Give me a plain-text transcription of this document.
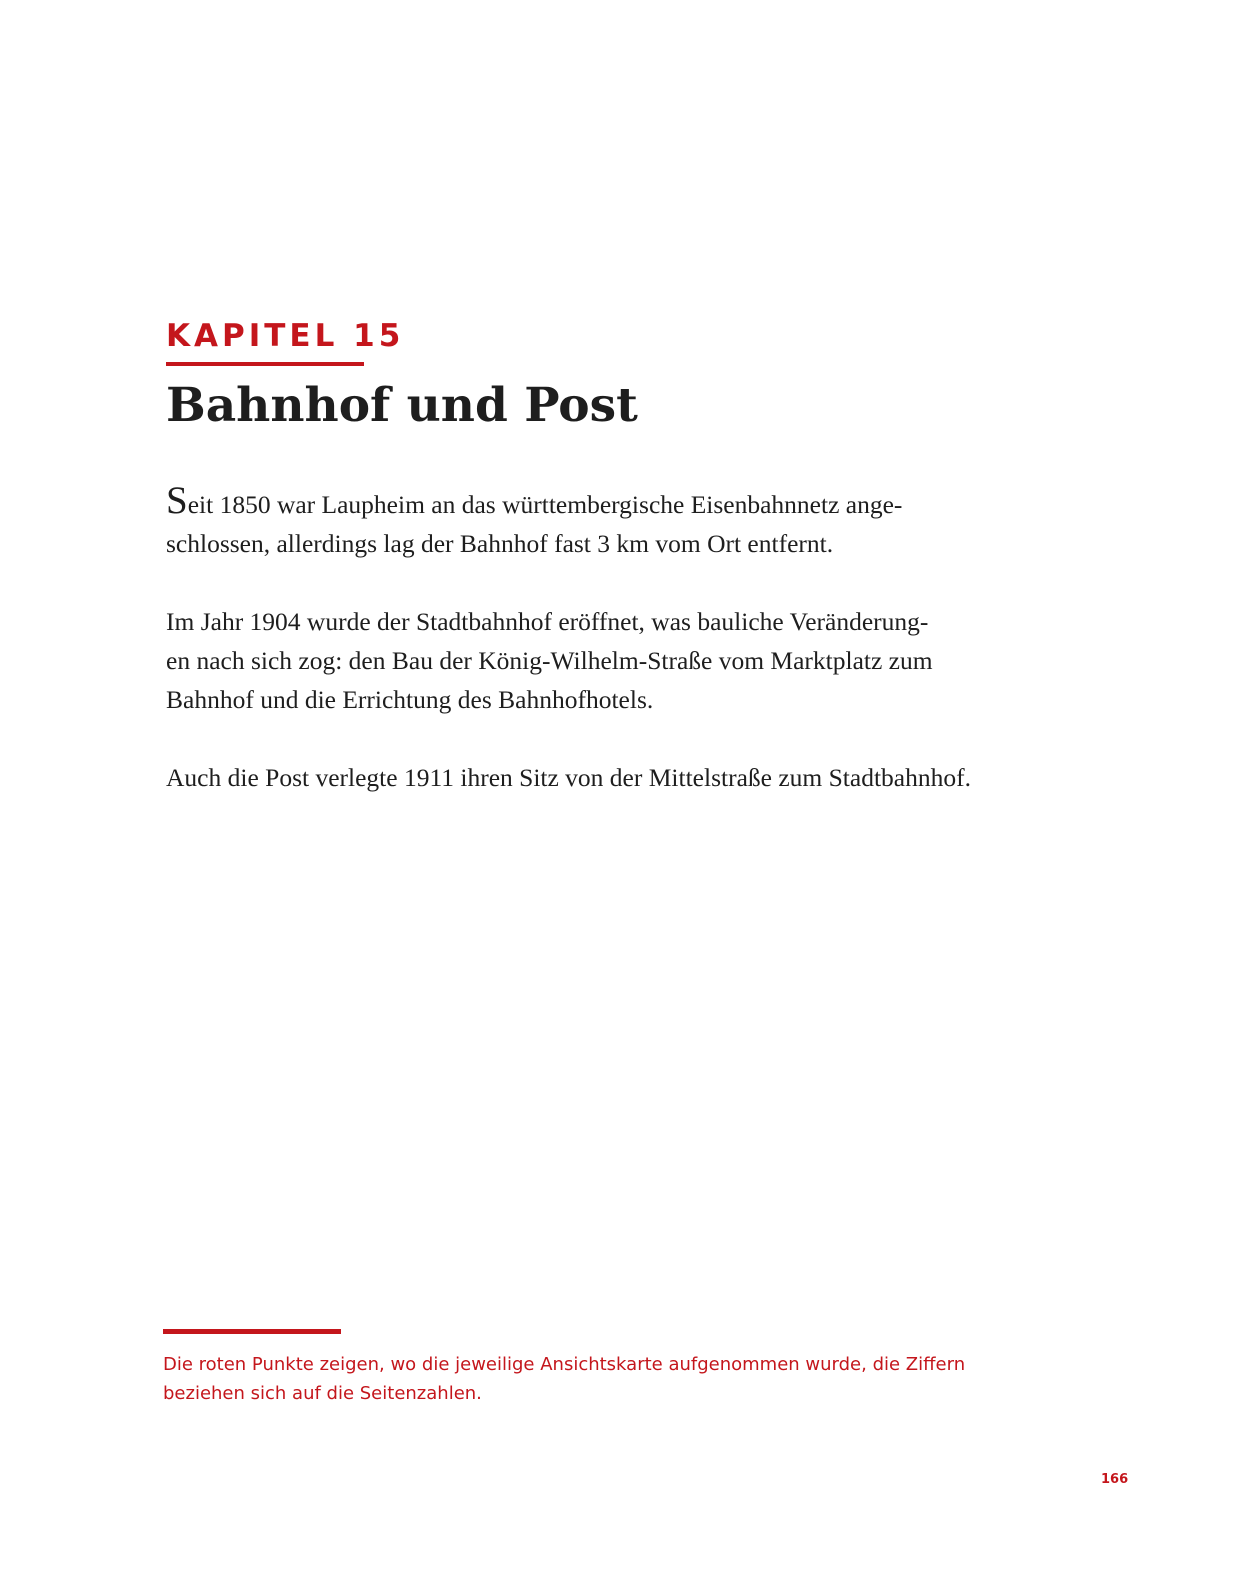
KAPITEL 15
Bahnhof und Post

Seit 1850 war Laupheim an das württembergische Eisenbahnnetz ange-
schlossen, allerdings lag der Bahnhof fast 3 km vom Ort entfernt.

Im Jahr 1904 wurde der Stadtbahnhof eröffnet, was bauliche Veränderung-
en nach sich zog: den Bau der König-Wilhelm-Straße vom Marktplatz zum
Bahnhof und die Errichtung des Bahnhofhotels.

Auch die Post verlegte 1911 ihren Sitz von der Mittelstraße zum Stadtbahnhof.

Die roten Punkte zeigen, wo die jeweilige Ansichtskarte aufgenommen wurde, die Ziffern
beziehen sich auf die Seitenzahlen.

166
